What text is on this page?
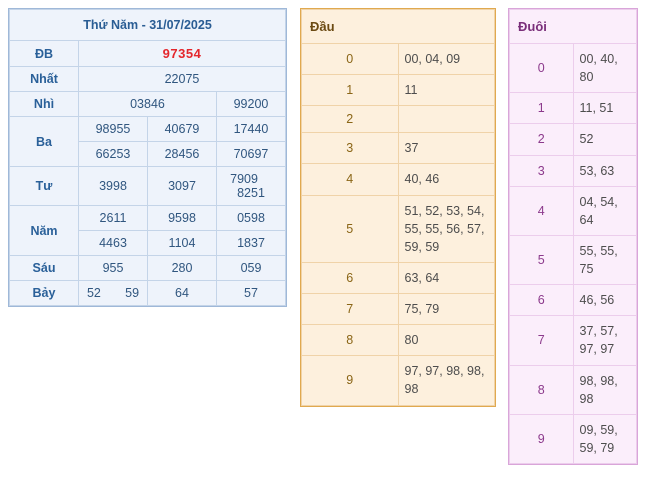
Thứ Năm - 31/07/2025			
ĐB	97354		
Nhất	22075		
Nhì	03846		99200
Ba	98955	40679	17440
	66253	28456	70697
Tư	3998	3097	7909     8251
Năm	2611	9598	0598
	4463	1104	1837
Sáu	955	280	059
Bảy	52 59	64	57
Đầu	
0	00, 04, 09
1	11
2	
3	37
4	40, 46
5	51, 52, 53, 54, 55, 55, 56, 57, 59, 59
6	63, 64
7	75, 79
8	80
9	97, 97, 98, 98, 98
Đuôi	
0	00, 40, 80
1	11, 51
2	52
3	53, 63
4	04, 54, 64
5	55, 55, 75
6	46, 56
7	37, 57, 97, 97
8	98, 98, 98
9	09, 59, 59, 79
